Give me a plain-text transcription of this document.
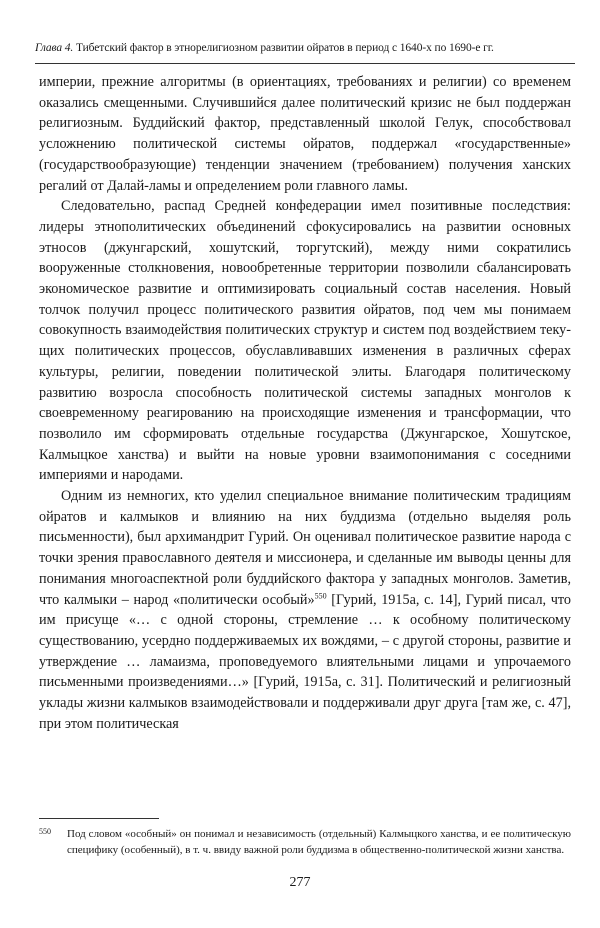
Глава 4. Тибетский фактор в этнорелигиозном развитии ойратов в период с 1640-х по 1690-е гг.

империи, прежние алгоритмы (в ориентациях, требованиях и религии) со временем оказались смещенными. Случившийся далее политический кризис не был поддержан религиозным. Буддийский фактор, представленный школой Гелук, способствовал усложнению политической системы ойратов, поддержал «государственные» (государствообразующие) тенденции значением (требованием) получения ханских регалий от Далай-ламы и определением роли главного ламы.

Следовательно, распад Средней конфедерации имел позитивные последствия: лидеры этнополитических объединений сфокусировались на развитии основных этносов (джунгарский, хошутский, торгутский), между ними сократились вооруженные столкновения, новообретенные территории позволили сбалансировать экономическое развитие и оптимизировать социальный состав населения. Новый толчок получил процесс политического развития ойратов, под чем мы понимаем совокупность взаимодействия политических структур и систем под воздействием текущих политических процессов, обуславливавших изменения в различных сферах культуры, религии, поведении политической элиты. Благодаря политическому развитию возросла способность политической системы западных монголов к своевременному реагированию на происходящие изменения и трансформации, что позволило им сформировать отдельные государства (Джунгарское, Хошутское, Калмыцкое ханства) и выйти на новые уровни взаимопонимания с соседними империями и народами.

Одним из немногих, кто уделил специальное внимание политическим традициям ойратов и калмыков и влиянию на них буддизма (отдельно выделяя роль письменности), был архимандрит Гурий. Он оценивал политическое развитие народа с точки зрения православного деятеля и миссионера, и сделанные им выводы ценны для понимания многоаспектной роли буддийского фактора у западных монголов. Заметив, что калмыки – народ «политически особый»$^{550}$ [Гурий, 1915a, c. 14], Гурий писал, что им присуще «… с одной стороны, стремление … к особному политическому существованию, усердно поддерживаемых их вождями, – с другой стороны, развитие и утверждение … ламаизма, проповедуемого влиятельными лицами и упрочаемого письменными произведениями…» [Гурий, 1915a, c. 31]. Политический и религиозный уклады жизни калмыков взаимодействовали и поддерживали друг друга [там же, c. 47], при этом политическая

550	Под словом «особный» он понимал и независимость (отдельный) Калмыцкого ханства, и ее политическую специфику (особенный), в т. ч. ввиду важной роли буддизма в общественно-политической жизни ханства.
277
